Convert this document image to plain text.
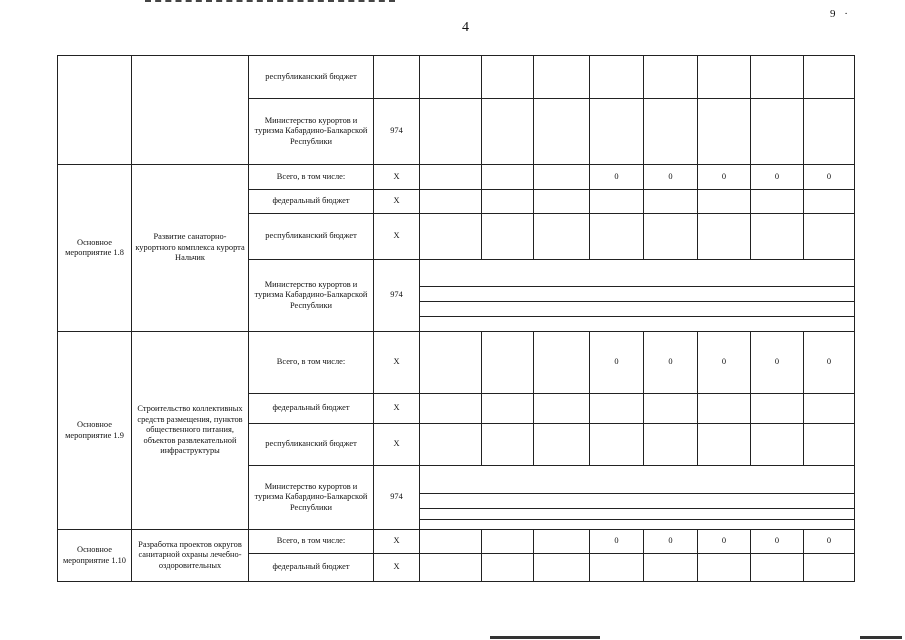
4
9 ·
		республиканский бюджет									
		Министерство курортов и туризма Кабардино-Балкарской Республики	974								
Основное мероприятие 1.8	Развитие санаторно-курортного комплекса курорта Нальчик	Всего, в том числе:	X				0	0	0	0	0
		федеральный бюджет	X								
		республиканский бюджет	X								
		Министерство курортов и туризма Кабардино-Балкарской Республики	974								

Основное мероприятие 1.9	Строительство коллективных средств размещения, пунктов общественного питания, объектов развлекательной инфраструктуры	Всего, в том числе:	X				0	0	0	0	0
		федеральный бюджет	X								
		республиканский бюджет	X								
		Министерство курортов и туризма Кабардино-Балкарской Республики	974								

Основное мероприятие 1.10	Разработка проектов округов санитарной охраны лечебно-оздоровительных	Всего, в том числе:	X				0	0	0	0	0
		федеральный бюджет	X								
